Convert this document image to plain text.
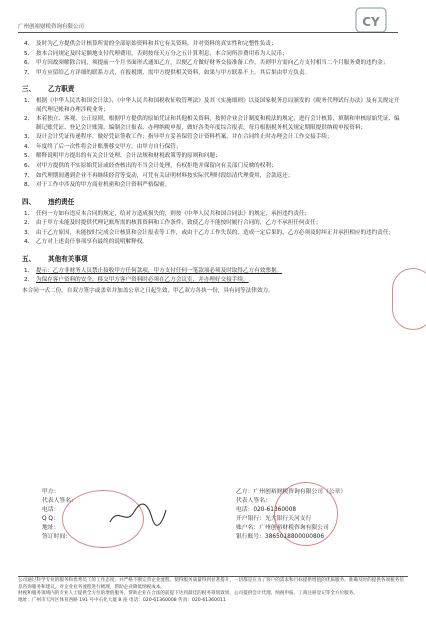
CY
广州创裕财税咨询有限公司
4、 及时为乙方提供会计核算所需的全部原始资料和其它有关资料，并对资料的真实性和完整性负责；
5、 按本合同规定及时足额地支付代理费用，否则按每天万分之五计算利息，本合同所涉费用币为人民币；
6、 甲方因故须解除合同，须提前一个月书面形式通知乙方，以便乙方做好财务交接准备工作，否则甲方需向乙方支付相当二个月服务费的违约金；
7、 甲方应留给乙方详细的联系方式，在报税期，需甲方提供相关资料，如果与甲方联系不上，其后果由甲方负责。
三、 乙方职责
1、 根据《中华人民共和国会计法》、《中华人民共和国税收征收管理法》及其《实施细则》以及国家税务总局颁发的《税务代理试行办法》及有关规定开展代理记帐和办理涉税业务；
2、 本着独立、客观、公正原则，根据甲方提供的原始凭证和其他相关资料，按照企业会计制度和税法的规定，进行会计核算，填制和审核原始凭证、编制记账凭证、登记会计账簿、编制会计报表、办理纳税申报，做好各类年度综合报表，每月根据税务机关规定期限提供纳税申报资料；
3、 设计会计凭证传递程序，做好凭证签收工作；指导甲方妥善保管会计资料档案，并在合同终止时办理会计工作交接手续；
4、 年度终了后一次性将会计账册移交甲方，由甲方自行保管；
5、 解释说明甲方提出的有关会计处理、会计法规和财税政策等的原则和问题；
6、 对甲方提供的不实原始凭证或经查核出的不当会计处理，有权拒绝并保留向有关部门反映的权利；
7、 如代理期间遇到企业不再继续经营等变动，可凭有关证明材料按实际代理时段结清代理费用，会款返还；
8、 对于工作中涉及的甲方商业机密和会计资料严格保密。
四、 违约责任
1、 任何一方如有违反本合同的规定，给对方造成损失的，则按《中华人民共和国合同法》的规定，承担违约责任；
2、 由于甲方未能及时提供代理记账所需的核算资料和工作条件，致使乙方不能按时履行合同的，乙方不承担任何责任；
3、 由于乙方原因，未能按时完成会计核算和会计报表等工作，或由于乙方工作失误的，造成一定后果的，乙方必须及时纠正并承担相应的违约责任；
4、 乙方对上述责任事项享有最终的说明解释权。
五、 其他有关事项
1、 提示：乙方非财务人员禁止接收甲方任何款项，甲方支付任何一笔款项必须及时取得乙方有效票据。
2、 为保存客户资料的安全，移交甲方客户资料时必须在乙方会议室，并办理好交接手续。
本合同一式二份，自双方签字或盖章并加盖公章之日起生效，甲乙双方各执一份，具有同等法律效力。
甲方：
代表人签名：
电话：
Q Q：
地址：
签订时间：
乙方：广州创裕财税咨询有限公司（公章）
代表人签名：
电话：020-61360008
开户银行：光大银行天河支行
账户名：广州创裕财税咨询有限公司
银行账号：3865018800000806
公司通过科学专业的服务和优秀员工的工作态度，并严格不断完善企业流程，使得服务质量得到显著提升，一切都是在为了客户的需求和目标提供增值的优质服务。准确及时的提供各项税务信息咨询服务和建议，对企业业务流程进行梳理，帮助企业降低纳税成本。
财税和服务领域内的专业人士提供全方位的增值服务，帮助企业在合法的前提下达到最佳的税务筹划效果，公司提供会计代理、纳税申报、工商注册登记等全方位服务。
地址：广州市天河区体育西路 191 号中石化大厦 B 座 电话：020-61360008 传真：020-61360011
